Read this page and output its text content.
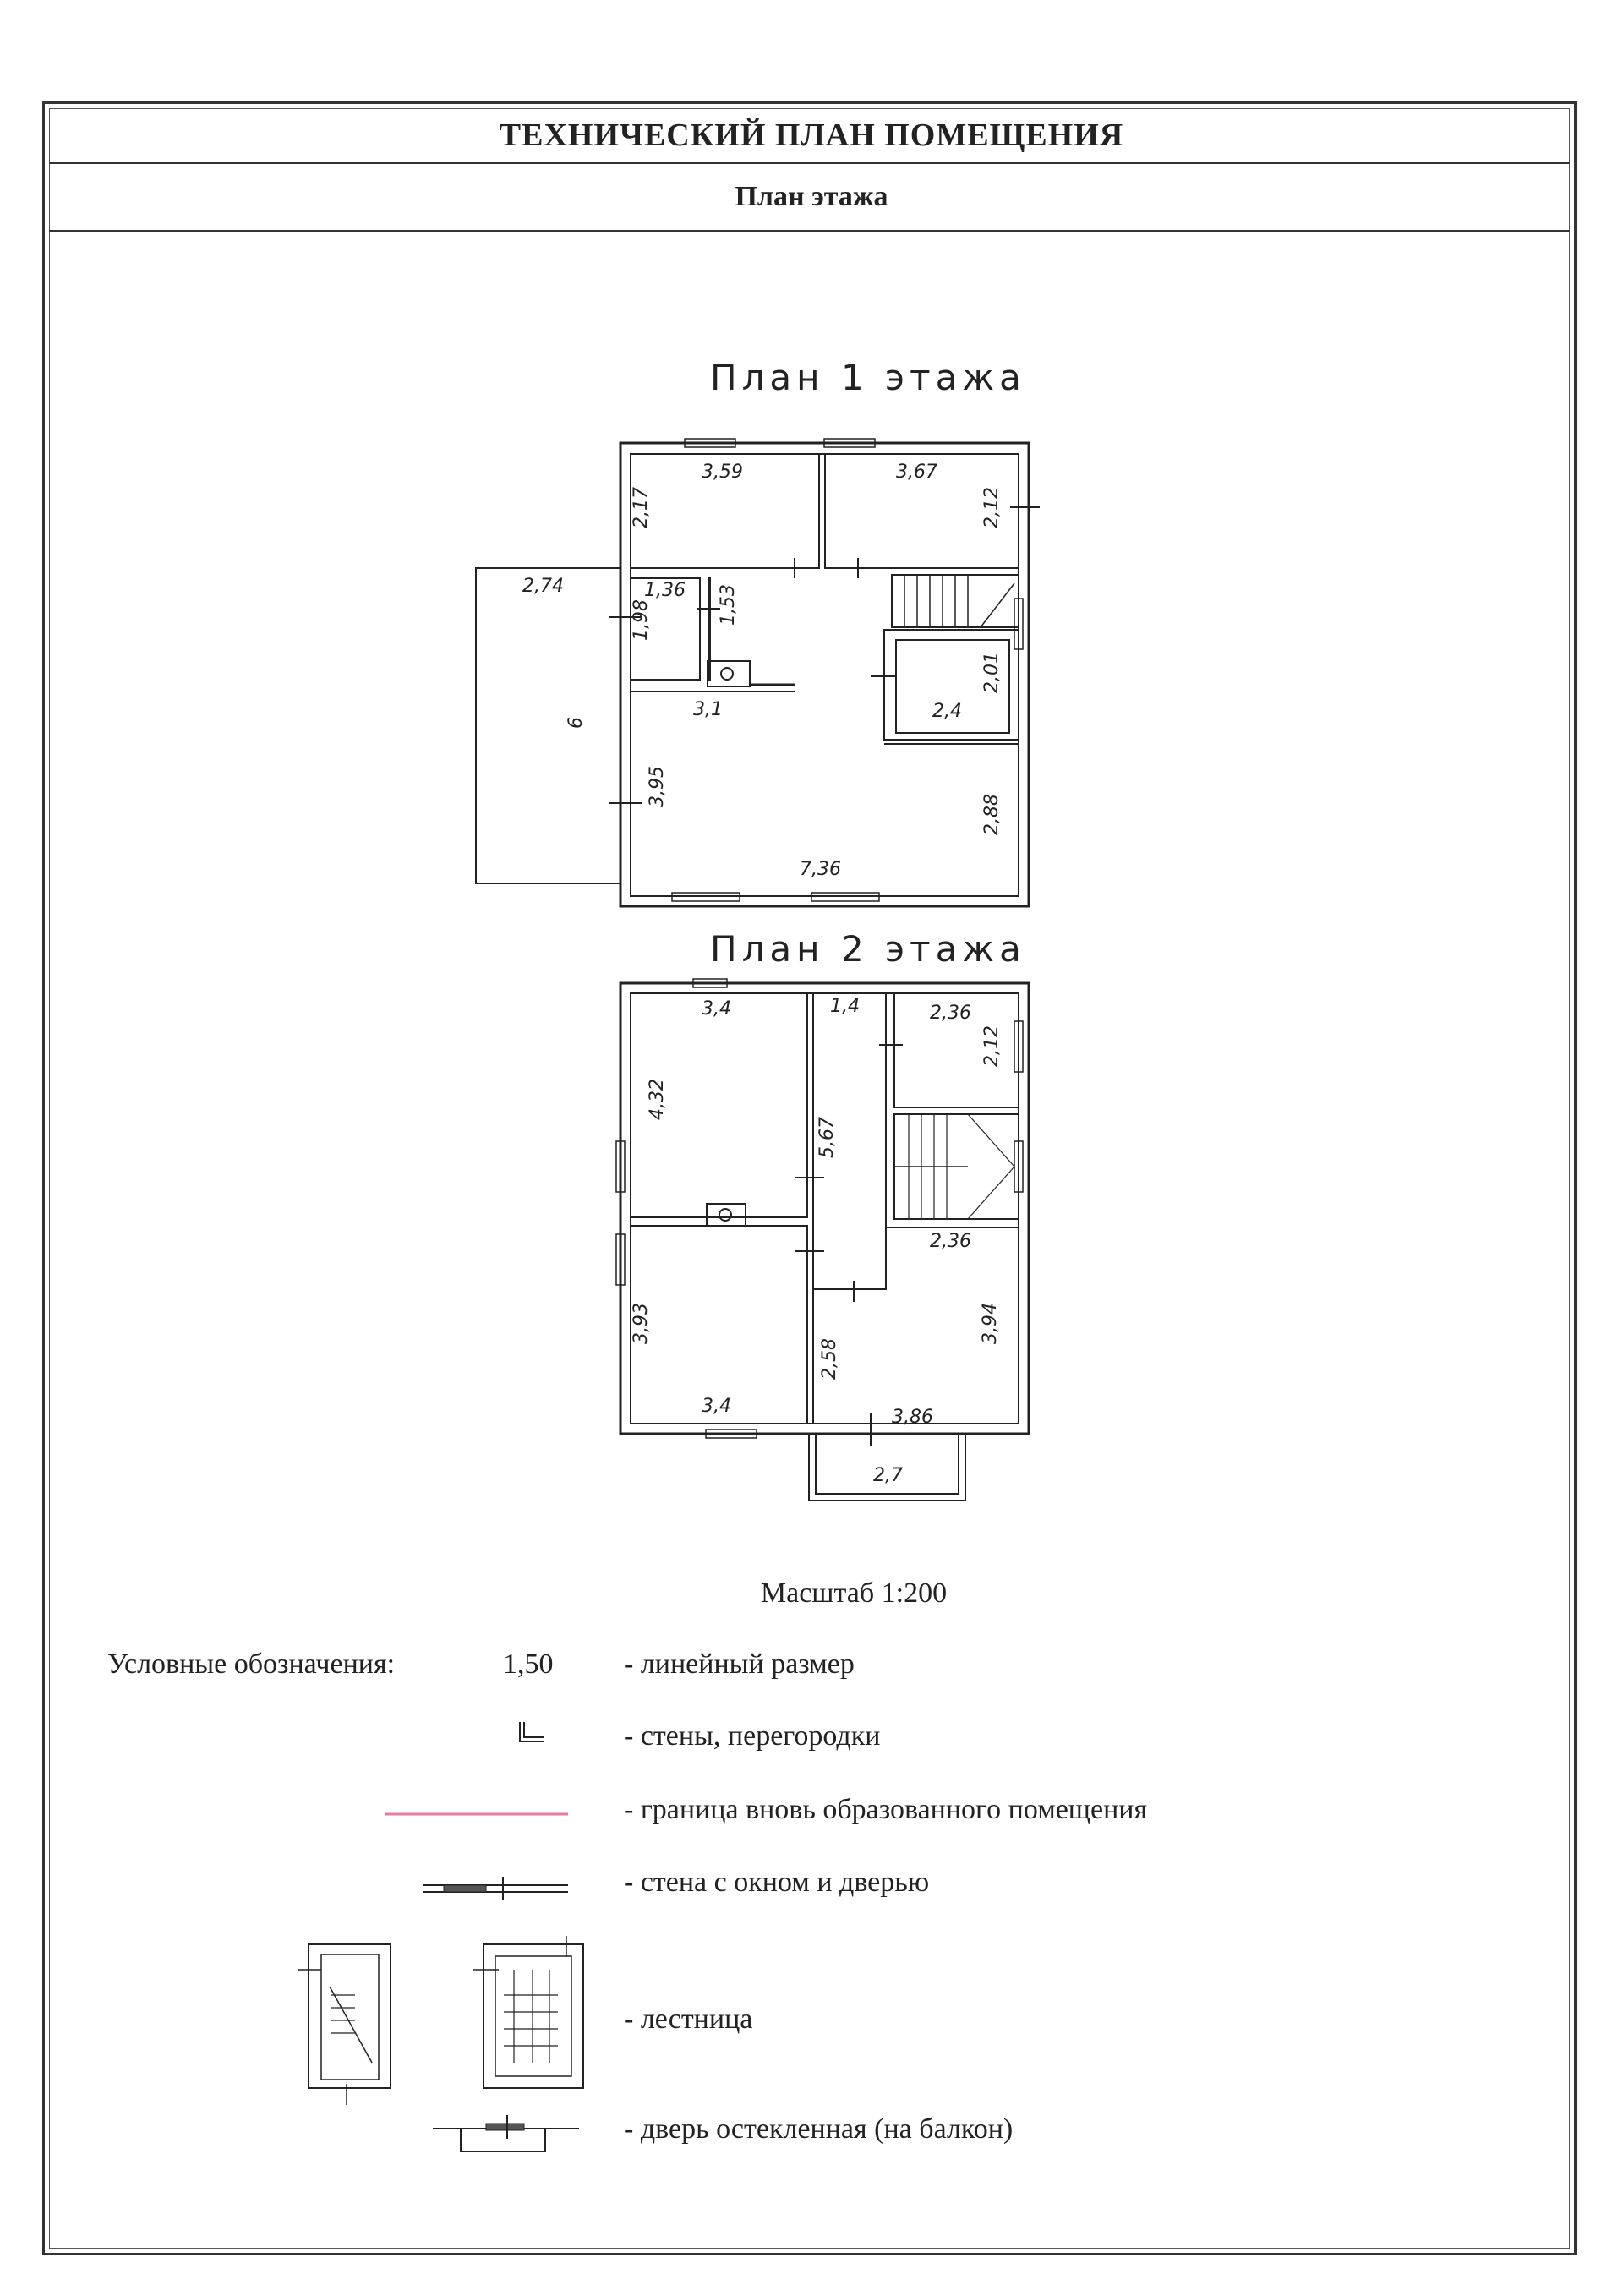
ТЕХНИЧЕСКИЙ ПЛАН ПОМЕЩЕНИЯ
План этажа
План 1 этажа
План 2 этажа
3,59	3,67
2,17	2,12
2,74	1,36
1,98	1,53
2,01
2,4
3,1
6
3,95
2,88
7,36
3,4	1,4	2,36
2,12
4,32
5,67
2,36
3,93	3,94
2,58
3,4
3,86
2,7
Масштаб 1:200
Условные обозначения:	1,50 - линейный размер
- стены, перегородки
- граница вновь образованного помещения
- стена с окном и дверью
- лестница
- дверь остекленная (на балкон)
